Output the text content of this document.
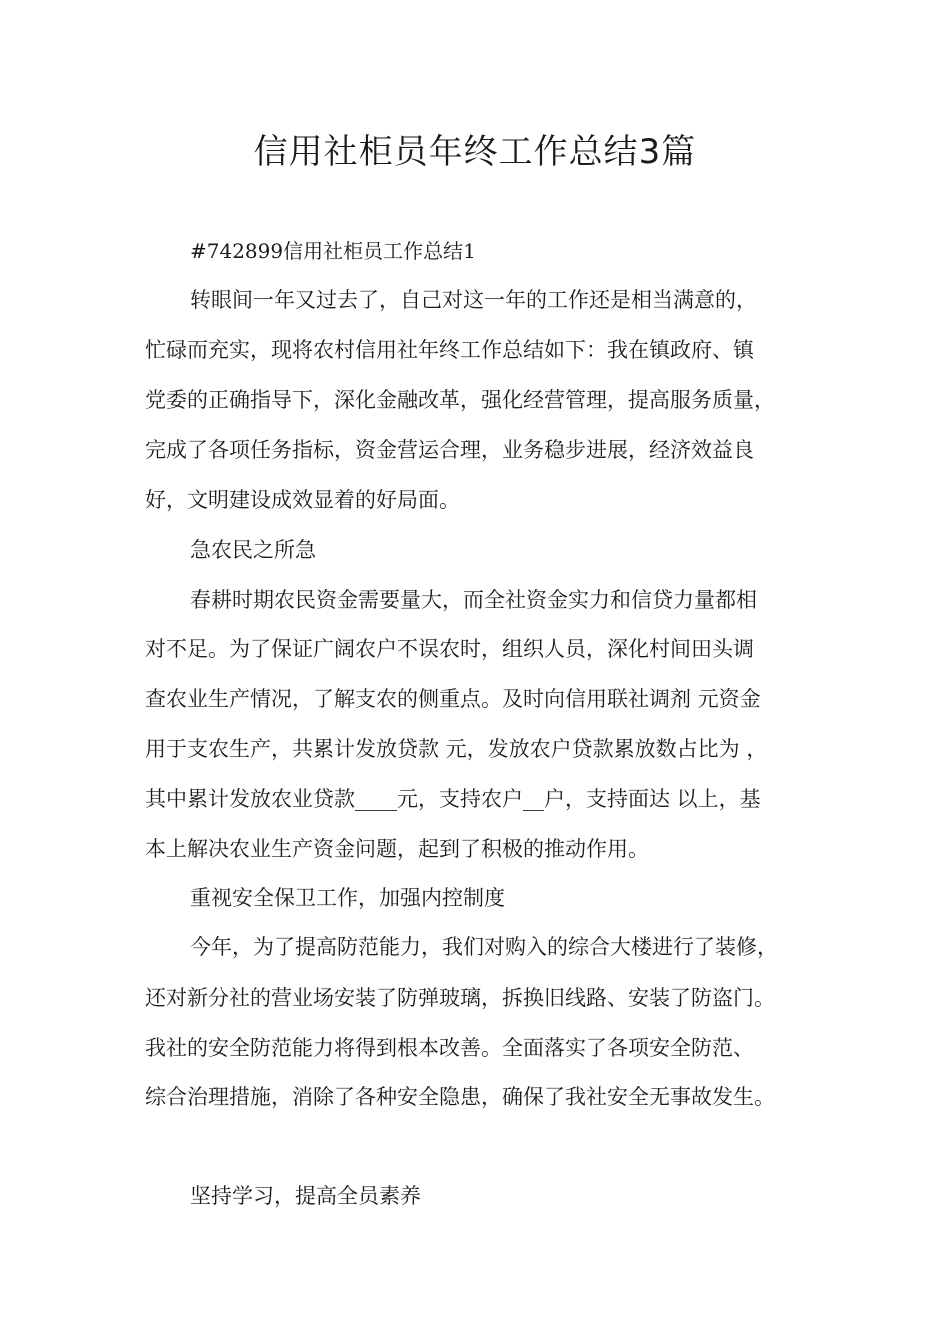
信用社柜员年终工作总结3篇
#742899信用社柜员工作总结1
转眼间一年又过去了，自己对这一年的工作还是相当满意的，
忙碌而充实，现将农村信用社年终工作总结如下：我在镇政府、镇
党委的正确指导下，深化金融改革，强化经营管理，提高服务质量，
完成了各项任务指标，资金营运合理，业务稳步进展，经济效益良
好，文明建设成效显着的好局面。
急农民之所急
春耕时期农民资金需要量大，而全社资金实力和信贷力量都相
对不足。为了保证广阔农户不误农时，组织人员，深化村间田头调
查农业生产情况，了解支农的侧重点。及时向信用联社调剂 元资金
用于支农生产，共累计发放贷款 元，发放农户贷款累放数占比为 ，
其中累计发放农业贷款____元，支持农户__户，支持面达 以上，基
本上解决农业生产资金问题，起到了积极的推动作用。
重视安全保卫工作，加强内控制度
今年，为了提高防范能力，我们对购入的综合大楼进行了装修，
还对新分社的营业场安装了防弹玻璃，拆换旧线路、安装了防盗门。
我社的安全防范能力将得到根本改善。全面落实了各项安全防范、
综合治理措施，消除了各种安全隐患，确保了我社安全无事故发生。
坚持学习，提高全员素养
